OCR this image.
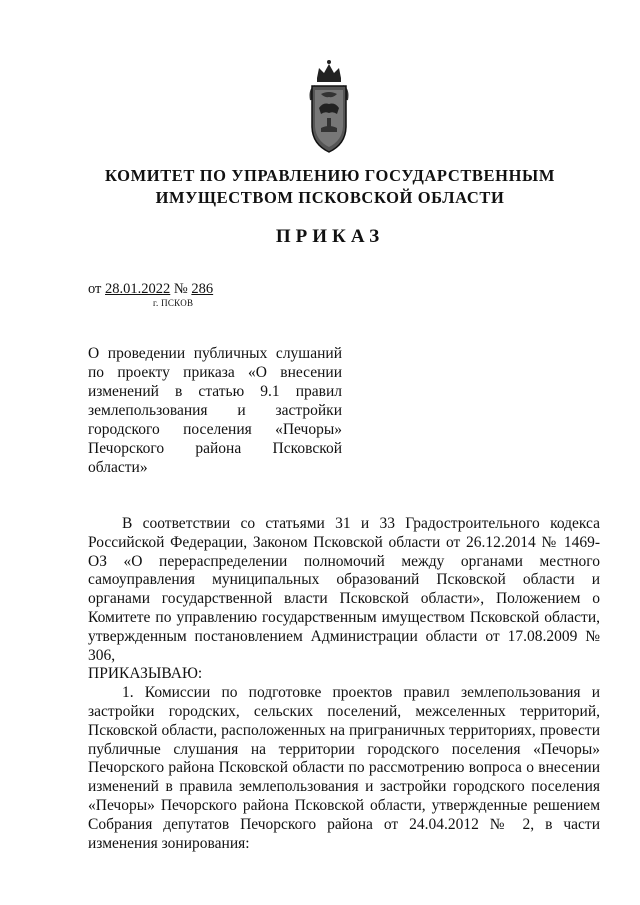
КОМИТЕТ ПО УПРАВЛЕНИЮ ГОСУДАРСТВЕННЫМ
ИМУЩЕСТВОМ ПСКОВСКОЙ ОБЛАСТИ
ПРИКАЗ
от 28.01.2022 № 286
г. ПСКОВ
О проведении публичных слушаний по проекту приказа «О внесении изменений в статью 9.1 правил землепользования и застройки городского поселения «Печоры» Печорского района Псковской области»

В соответствии со статьями 31 и 33 Градостроительного кодекса Российской Федерации, Законом Псковской области от 26.12.2014 № 1469-ОЗ «О перераспределении полномочий между органами местного самоуправления муниципальных образований Псковской области и органами государственной власти Псковской области», Положением о Комитете по управлению государственным имуществом Псковской области, утвержденным постановлением Администрации области от 17.08.2009 № 306,

ПРИКАЗЫВАЮ:

1. Комиссии по подготовке проектов правил землепользования и застройки городских, сельских поселений, межселенных территорий, Псковской области, расположенных на приграничных территориях, провести публичные слушания на территории городского поселения «Печоры» Печорского района Псковской области по рассмотрению вопроса о внесении изменений в правила землепользования и застройки городского поселения «Печоры» Печорского района Псковской области, утвержденные решением Собрания депутатов Печорского района от 24.04.2012 № 2, в части изменения зонирования:
